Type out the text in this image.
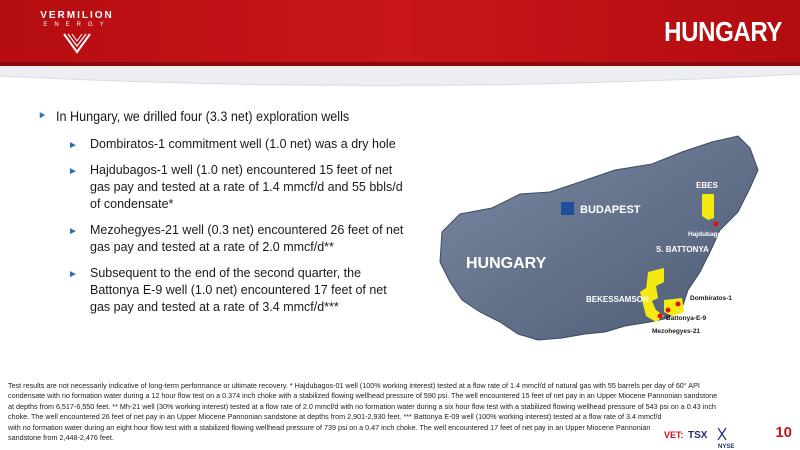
VERMILION
ENERGY	HUNGARY
► In Hungary, we drilled four (3.3 net) exploration wells
► Dombiratos-1 commitment well (1.0 net) was a dry hole
► Hajdubagos-1 well (1.0 net) encountered 15 feet of net gas pay and tested at a rate of 1.4 mmcf/d and 55 bbls/d of condensate*
► Mezohegyes-21 well (0.3 net) encountered 26 feet of net gas pay and tested at a rate of 2.0 mmcf/d**
► Subsequent to the end of the second quarter, the Battonya E-9 well (1.0 net) encountered 17 feet of net gas pay and tested at a rate of 3.4 mmcf/d***
BUDAPEST
HUNGARY
EBES
Hajdubagos-1
S. BATTONYA
BEKESSAMSON	Dombiratos-1
Battonya-E-9
Mezohegyes-21
Test results are not necessarily indicative of long-term performance or ultimate recovery. * Hajdubagos-01 well (100% working interest) tested at a flow rate of 1.4 mmcf/d of natural gas with 55 barrels per day of 60° API
condensate with no formation water during a 12 hour flow test on a 0.374 inch choke with a stabilized flowing wellhead pressure of 590 psi. The well encountered 15 feet of net pay in an Upper Miocene Pannonian sandstone
at depths from 6,517-6,550 feet. ** Mh-21 well (30% working interest) tested at a flow rate of 2.0 mmcf/d with no formation water during a six hour flow test with a stabilized flowing wellhead pressure of 543 psi on a 0.43 inch
choke. The well encountered 26 feet of net pay in an Upper Miocene Pannonian sandstone at depths from 2,901-2,930 feet. *** Battonya E-09 well (100% working interest) tested at a flow rate of 3.4 mmcf/d
with no formation water during an eight hour flow test with a stabilized flowing wellhead pressure of 739 psi on a 0.47 inch choke. The well encountered 17 feet of net pay in an Upper Miocene Pannonian
sandstone from 2,448-2,476 feet.	VET: TSX
NYSE
10
